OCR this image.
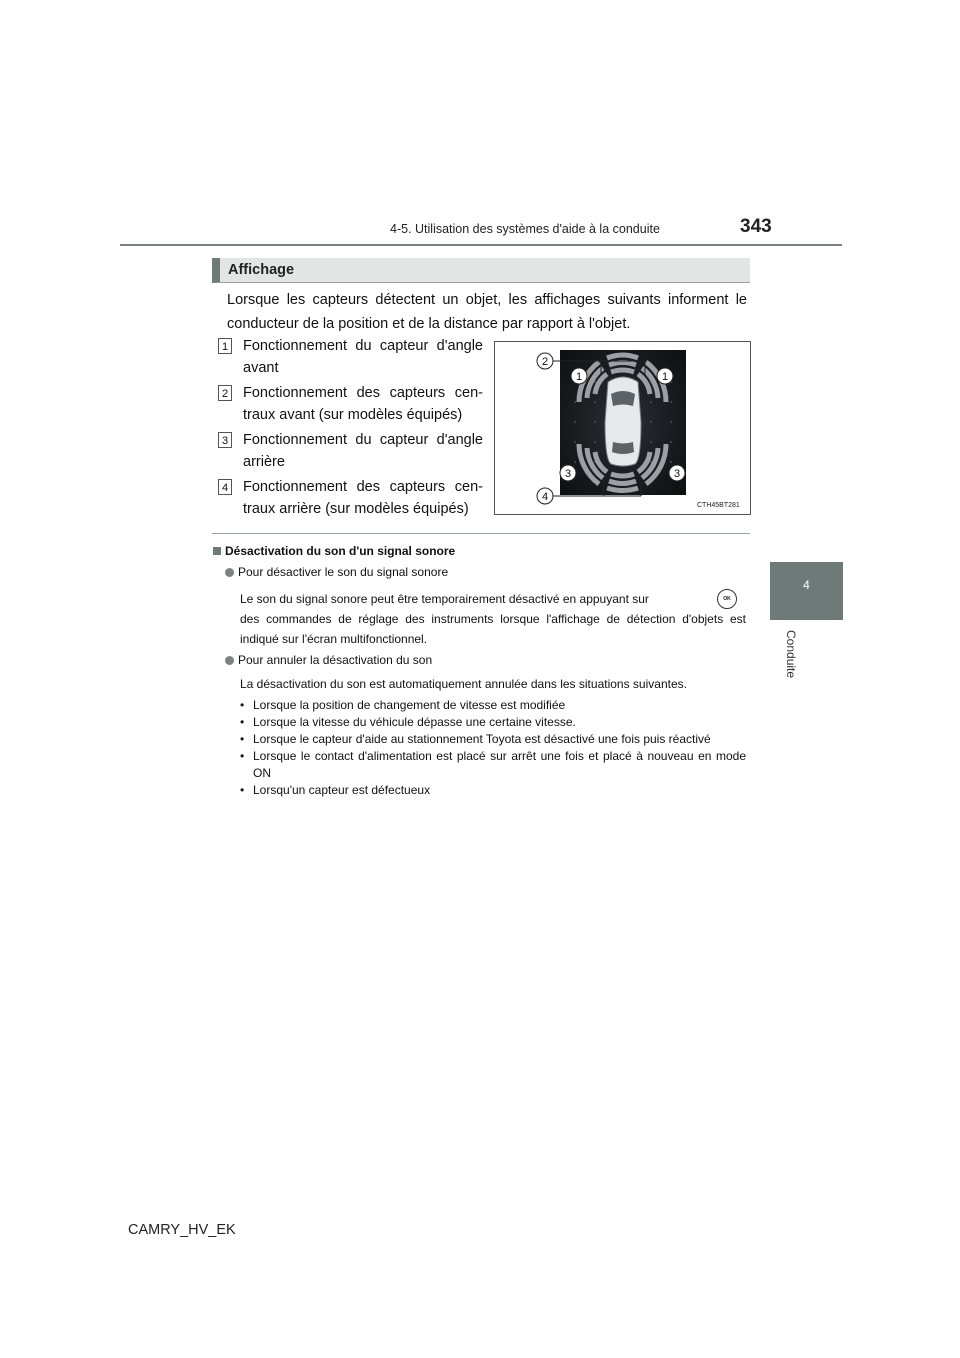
4-5. Utilisation des systèmes d'aide à la conduite	343
4
Conduite
Affichage
Lorsque les capteurs détectent un objet, les affichages suivants informent le conducteur de la position et de la distance par rapport à l'objet.
1 Fonctionnement du capteur d'angle avant
2 Fonctionnement des capteurs cen-traux avant (sur modèles équipés)
3 Fonctionnement du capteur d'angle arrière
4 Fonctionnement des capteurs cen-traux arrière (sur modèles équipés)
2
1	1
3	3
4
CTH45BT281
Désactivation du son d'un signal sonore
Pour désactiver le son du signal sonore
Le son du signal sonore peut être temporairement désactivé en appuyant sur	OK
des commandes de réglage des instruments lorsque l'affichage de détection d'objets est indiqué sur l'écran multifonctionnel.
Pour annuler la désactivation du son
La désactivation du son est automatiquement annulée dans les situations suivantes.
• Lorsque la position de changement de vitesse est modifiée
• Lorsque la vitesse du véhicule dépasse une certaine vitesse.
• Lorsque le capteur d'aide au stationnement Toyota est désactivé une fois puis réactivé
• Lorsque le contact d'alimentation est placé sur arrêt une fois et placé à nouveau en mode ON
• Lorsqu'un capteur est défectueux
CAMRY_HV_EK
